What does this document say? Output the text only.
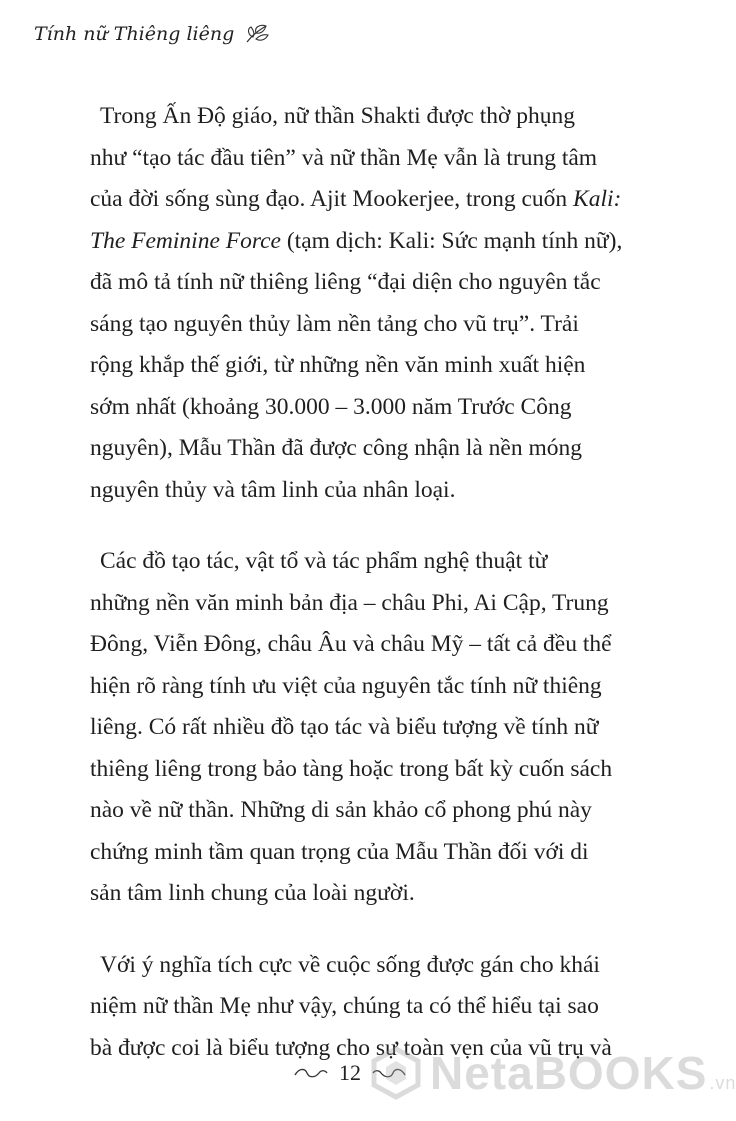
Tính nữ Thiêng liêng

Trong Ấn Độ giáo, nữ thần Shakti được thờ phụng
như “tạo tác đầu tiên” và nữ thần Mẹ vẫn là trung tâm
của đời sống sùng đạo. Ajit Mookerjee, trong cuốn Kali:
The Feminine Force (tạm dịch: Kali: Sức mạnh tính nữ),
đã mô tả tính nữ thiêng liêng “đại diện cho nguyên tắc
sáng tạo nguyên thủy làm nền tảng cho vũ trụ”. Trải
rộng khắp thế giới, từ những nền văn minh xuất hiện
sớm nhất (khoảng 30.000 – 3.000 năm Trước Công
nguyên), Mẫu Thần đã được công nhận là nền móng
nguyên thủy và tâm linh của nhân loại.

Các đồ tạo tác, vật tổ và tác phẩm nghệ thuật từ
những nền văn minh bản địa – châu Phi, Ai Cập, Trung
Đông, Viễn Đông, châu Âu và châu Mỹ – tất cả đều thể
hiện rõ ràng tính ưu việt của nguyên tắc tính nữ thiêng
liêng. Có rất nhiều đồ tạo tác và biểu tượng về tính nữ
thiêng liêng trong bảo tàng hoặc trong bất kỳ cuốn sách
nào về nữ thần. Những di sản khảo cổ phong phú này
chứng minh tầm quan trọng của Mẫu Thần đối với di
sản tâm linh chung của loài người.

Với ý nghĩa tích cực về cuộc sống được gán cho khái
niệm nữ thần Mẹ như vậy, chúng ta có thể hiểu tại sao
bà được coi là biểu tượng cho sự toàn vẹn của vũ trụ và

12 NetaBOOKS .vn
